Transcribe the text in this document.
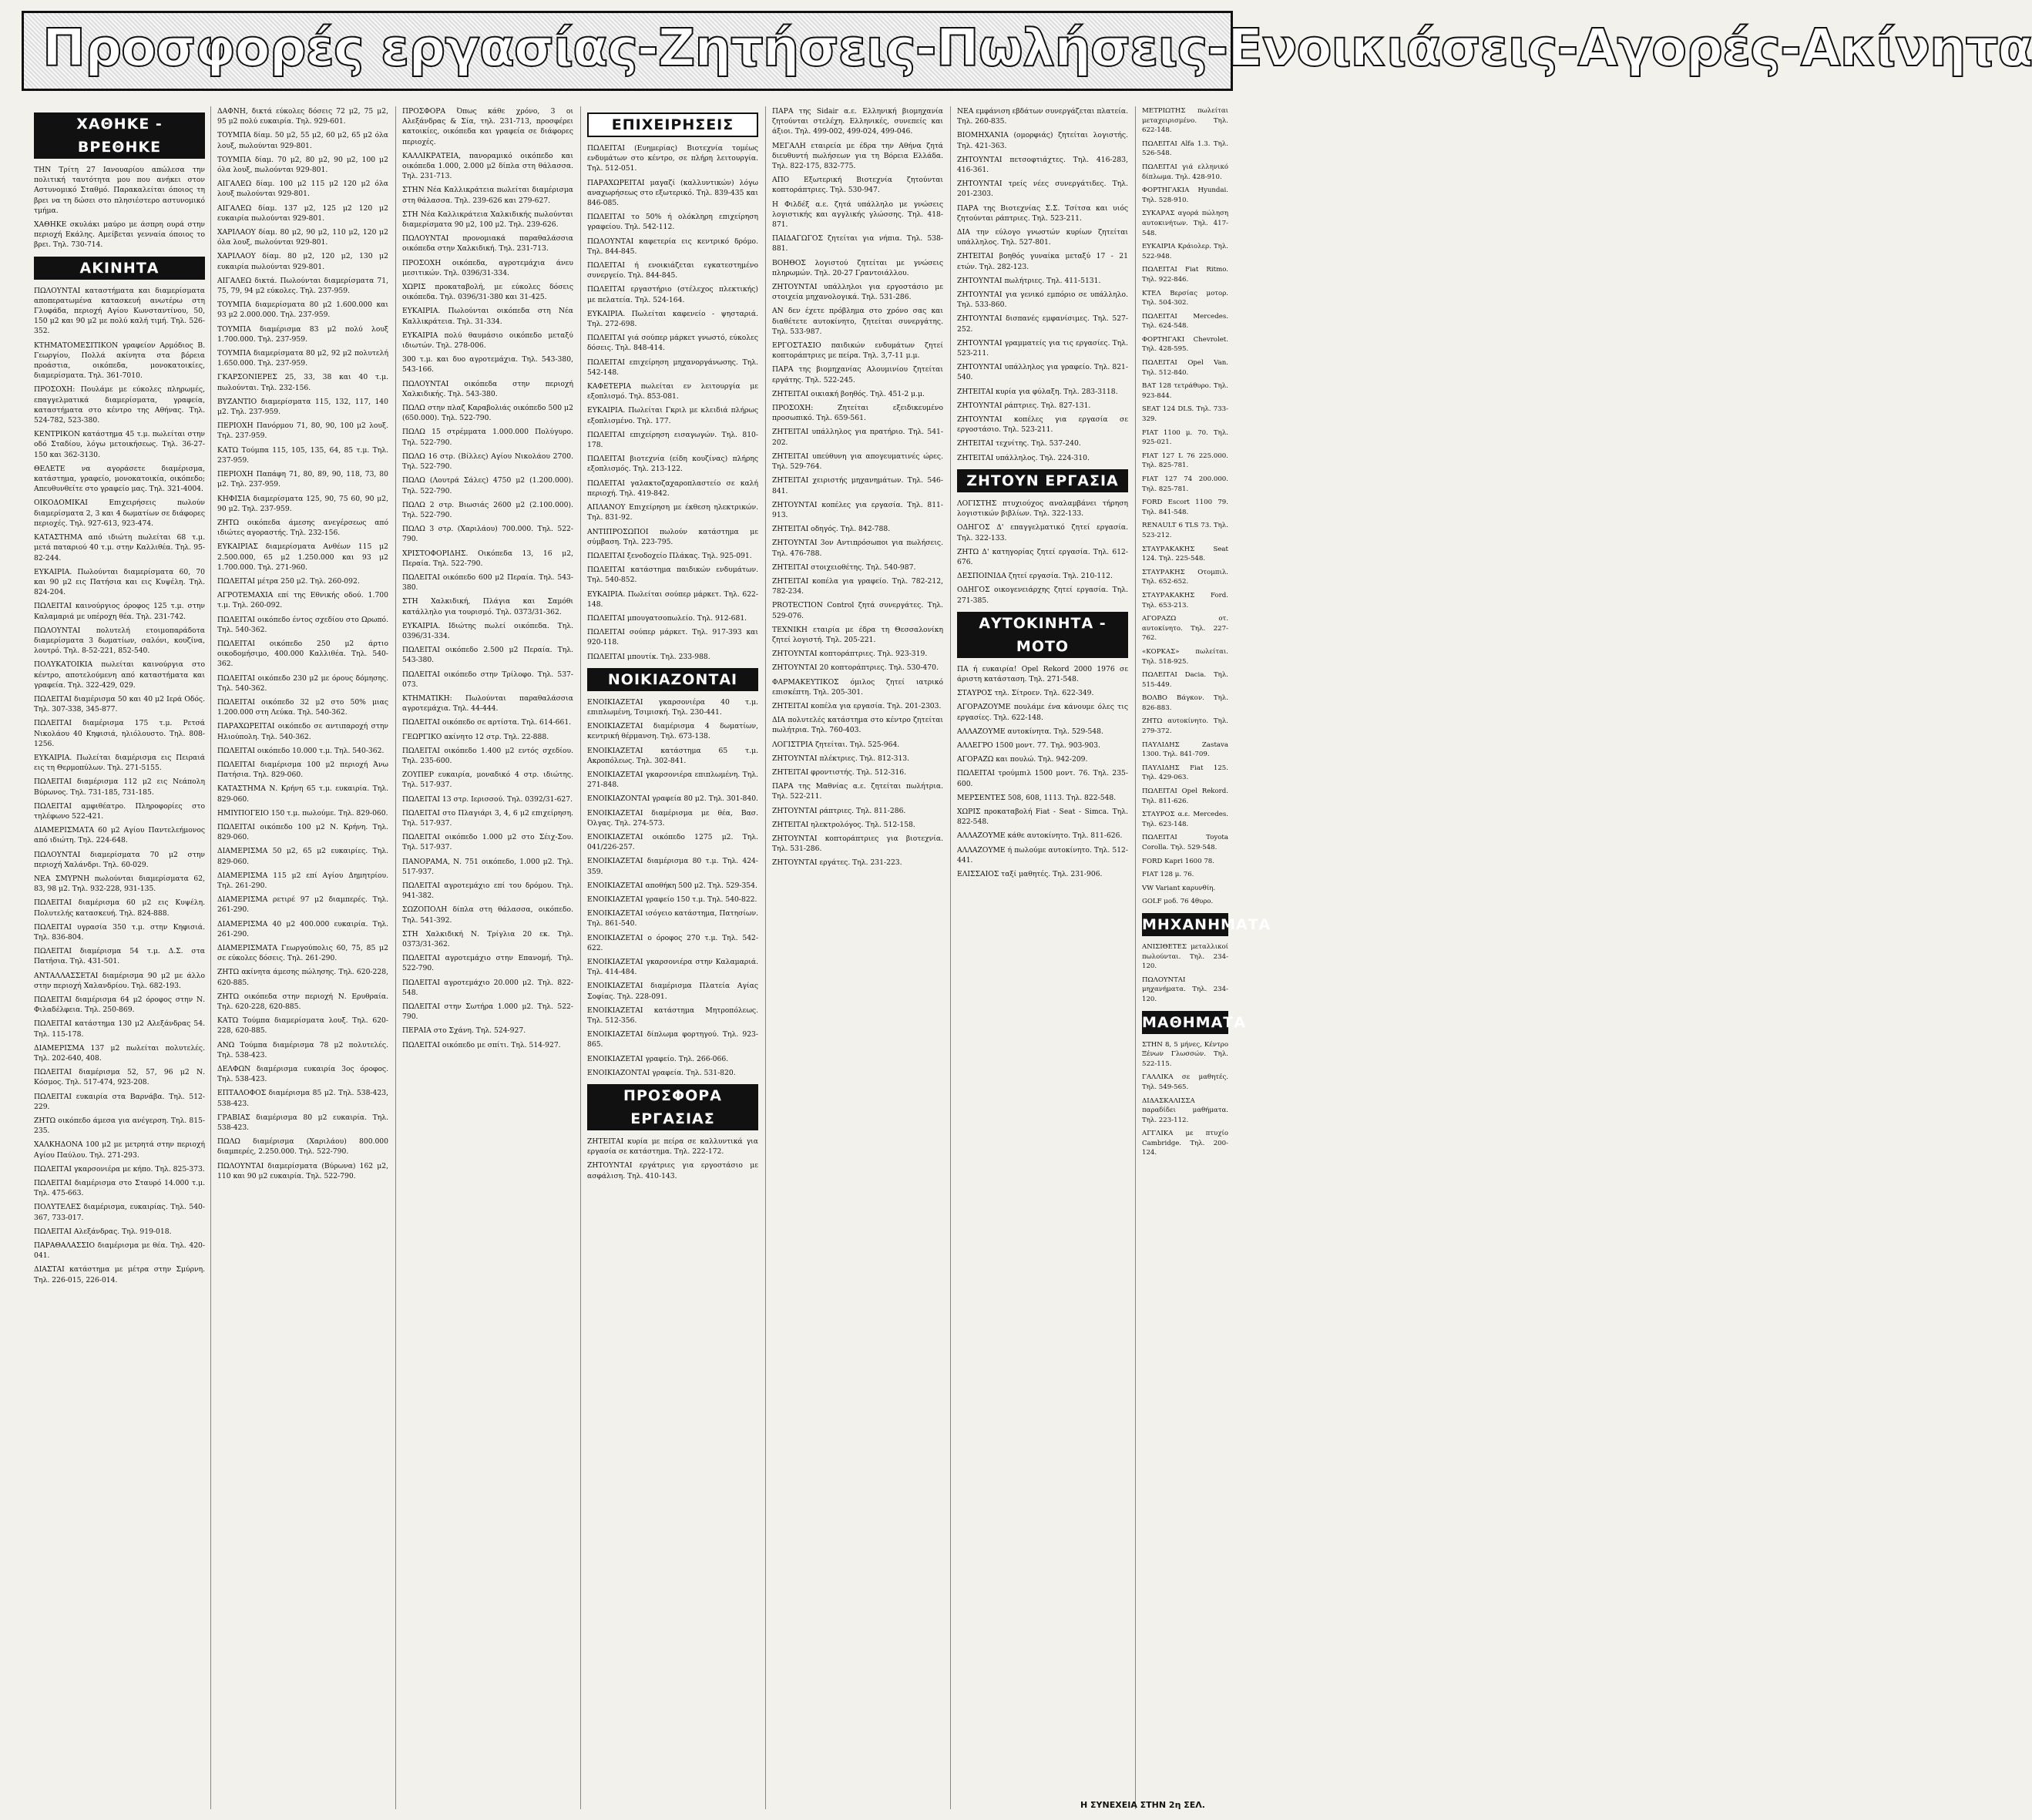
Προσφορές εργασίας-Ζητήσεις-Πωλήσεις-Ενοικιάσεις-Αγορές-Ακίνητα
ΧΑΘΗΚΕ - ΒΡΕΘΗΚΕ
ΤΗΝ Τρίτη 27 Ιανουαρίου απώλεσα την πολιτική ταυτότητα μου που ανήκει στον Αστυνομικό Σταθμό. Παρακαλείται όποιος τη βρει να τη δώσει στο πλησιέστερο αστυνομικό τμήμα.
ΧΑΘΗΚΕ σκυλάκι μαύρο με άσπρη ουρά στην περιοχή Εκάλης. Αμείβεται γενναία όποιος το βρει. Τηλ. 730-714.
ΑΚΙΝΗΤΑ
ΠΩΛΟΥΝΤΑΙ καταστήματα και διαμερίσματα αποπερατωμένα κατασκευή ανωτέρω στη Γλυφάδα, περιοχή Αγίου Κωνσταντίνου, 50, 150 μ2 και 90 μ2 με πολύ καλή τιμή. Τηλ. 526-352.
ΚΤΗΜΑΤΟΜΕΣΙΤΙΚΟΝ γραφείον Αρμόδιος Β. Γεωργίου, Πολλά ακίνητα στα βόρεια προάστια, οικόπεδα, μονοκατοικίες, διαμερίσματα. Τηλ. 361-7010.
ΠΡΟΣΟΧΗ: Πουλάμε με εύκολες πληρωμές, επαγγελματικά διαμερίσματα, γραφεία, καταστήματα στο κέντρο της Αθήνας. Τηλ. 524-782, 523-380.
ΚΕΝΤΡΙΚΟΝ κατάστημα 45 τ.μ. πωλείται στην οδό Σταδίου, λόγω μετοικήσεως. Τηλ. 36-27-150 και 362-3130.
ΘΕΛΕΤΕ να αγοράσετε διαμέρισμα, κατάστημα, γραφείο, μονοκατοικία, οικόπεδο; Απευθυνθείτε στο γραφείο μας. Τηλ. 321-4004.
ΟΙΚΟΔΟΜΙΚΑΙ Επιχειρήσεις πωλούν διαμερίσματα 2, 3 και 4 δωματίων σε διάφορες περιοχές. Τηλ. 927-613, 923-474.
ΚΑΤΑΣΤΗΜΑ από ιδιώτη πωλείται 68 τ.μ. μετά παταριού 40 τ.μ. στην Καλλιθέα. Τηλ. 95-82-244.
ΕΥΚΑΙΡΙΑ. Πωλούνται διαμερίσματα 60, 70 και 90 μ2 εις Πατήσια και εις Κυψέλη. Τηλ. 824-204.
ΠΩΛΕΙΤΑΙ καινούργιος όροφος 125 τ.μ. στην Καλαμαριά με υπέροχη θέα. Τηλ. 231-742.
ΠΩΛΟΥΝΤΑΙ πολυτελή ετοιμοπαράδοτα διαμερίσματα 3 δωματίων, σαλόνι, κουζίνα, λουτρό. Τηλ. 8-52-221, 852-540.
ΠΟΛΥΚΑΤΟΙΚΙΑ πωλείται καινούργια στο κέντρο, αποτελούμενη από καταστήματα και γραφεία. Τηλ. 322-429, 029.
ΠΩΛΕΙΤΑΙ διαμέρισμα 50 και 40 μ2 Ιερά Οδός. Τηλ. 307-338, 345-877.
ΠΩΛΕΙΤΑΙ διαμέρισμα 175 τ.μ. Ρετσά Νικολάου 40 Κηφισιά, ηλιόλουστο. Τηλ. 808-1256.
ΕΥΚΑΙΡΙΑ. Πωλείται διαμέρισμα εις Πειραιά εις τη Θερμοπύλων. Τηλ. 271-5155.
ΠΩΛΕΙΤΑΙ διαμέρισμα 112 μ2 εις Νεάπολη Βύρωνος. Τηλ. 731-185, 731-185.
ΠΩΛΕΙΤΑΙ αμφιθέατρο. Πληροφορίες στο τηλέφωνο 522-421.
ΔΙΑΜΕΡΙΣΜΑΤΑ 60 μ2 Αγίου Παντελεήμονος από ιδιώτη. Τηλ. 224-648.
ΠΩΛΟΥΝΤΑΙ διαμερίσματα 70 μ2 στην περιοχή Χαλάνδρι. Τηλ. 60-029.
ΝΕΑ ΣΜΥΡΝΗ πωλούνται διαμερίσματα 62, 83, 98 μ2. Τηλ. 932-228, 931-135.
ΠΩΛΕΙΤΑΙ διαμέρισμα 60 μ2 εις Κυψέλη. Πολυτελής κατασκευή. Τηλ. 824-888.
ΠΩΛΕΙΤΑΙ υγρασία 350 τ.μ. στην Κηφισιά. Τηλ. 836-804.
ΠΩΛΕΙΤΑΙ διαμέρισμα 54 τ.μ. Δ.Σ. στα Πατήσια. Τηλ. 431-501.
ΑΝΤΑΛΛΑΣΣΕΤΑΙ διαμέρισμα 90 μ2 με άλλο στην περιοχή Χαλανδρίου. Τηλ. 682-193.
ΠΩΛΕΙΤΑΙ διαμέρισμα 64 μ2 όροφος στην Ν. Φιλαδέλφεια. Τηλ. 250-869.
ΠΩΛΕΙΤΑΙ κατάστημα 130 μ2 Αλεξάνδρας 54. Τηλ. 115-178.
ΔΙΑΜΕΡΙΣΜΑ 137 μ2 πωλείται πολυτελές. Τηλ. 202-640, 408.
ΠΩΛΕΙΤΑΙ διαμέρισμα 52, 57, 96 μ2 Ν. Κόσμος. Τηλ. 517-474, 923-208.
ΠΩΛΕΙΤΑΙ ευκαιρία στα Βαρνάβα. Τηλ. 512-229.
ΖΗΤΩ οικόπεδο άμεσα για ανέγερση. Τηλ. 815-235.
ΧΑΛΚΗΔΟΝΑ 100 μ2 με μετρητά στην περιοχή Αγίου Παύλου. Τηλ. 271-293.
ΠΩΛΕΙΤΑΙ γκαρσονιέρα με κήπο. Τηλ. 825-373.
ΠΩΛΕΙΤΑΙ διαμέρισμα στο Σταυρό 14.000 τ.μ. Τηλ. 475-663.
ΠΟΛΥΤΕΛΕΣ διαμέρισμα, ευκαιρίας. Τηλ. 540-367, 733-017.
ΠΩΛΕΙΤΑΙ Αλεξάνδρας. Τηλ. 919-018.
ΠΑΡΑΘΑΛΑΣΣΙΟ διαμέρισμα με θέα. Τηλ. 420-041.
ΔΙΑΣΤΑΙ κατάστημα με μέτρα στην Σμύρνη. Τηλ. 226-015, 226-014.
ΔΑΦΝΗ, δικτά εύκολες δόσεις 72 μ2, 75 μ2, 95 μ2 πολύ ευκαιρία. Τηλ. 929-601.
ΤΟΥΜΠΑ δίαμ. 50 μ2, 55 μ2, 60 μ2, 65 μ2 όλα λουξ, πωλούνται 929-801.
ΤΟΥΜΠΑ δίαμ. 70 μ2, 80 μ2, 90 μ2, 100 μ2 όλα λουξ, πωλούνται 929-801.
ΑΙΓΑΛΕΩ δίαμ. 100 μ2 115 μ2 120 μ2 όλα λουξ πωλούνται 929-801.
ΑΙΓΑΛΕΩ δίαμ. 137 μ2, 125 μ2 120 μ2 ευκαιρία πωλούνται 929-801.
ΧΑΡΙΛΑΟΥ δίαμ. 80 μ2, 90 μ2, 110 μ2, 120 μ2 όλα λουξ, πωλούνται 929-801.
ΧΑΡΙΛΑΟΥ δίαμ. 80 μ2, 120 μ2, 130 μ2 ευκαιρία πωλούνται 929-801.
ΑΙΓΑΛΕΩ δικτά. Πωλούνται διαμερίσματα 71, 75, 79, 94 μ2 εύκολες. Τηλ. 237-959.
ΤΟΥΜΠΑ διαμερίσματα 80 μ2 1.600.000 και 93 μ2 2.000.000. Τηλ. 237-959.
ΤΟΥΜΠΑ διαμέρισμα 83 μ2 πολύ λουξ 1.700.000. Τηλ. 237-959.
ΤΟΥΜΠΑ διαμερίσματα 80 μ2, 92 μ2 πολυτελή 1.650.000. Τηλ. 237-959.
ΓΚΑΡΣΟΝΙΕΡΕΣ 25, 33, 38 και 40 τ.μ. πωλούνται. Τηλ. 232-156.
ΒΥΖΑΝΤΙΟ διαμερίσματα 115, 132, 117, 140 μ2. Τηλ. 237-959.
ΠΕΡΙΟΧΗ Πανόρμου 71, 80, 90, 100 μ2 λουξ. Τηλ. 237-959.
ΚΑΤΩ Τούμπα 115, 105, 135, 64, 85 τ.μ. Τηλ. 237-959.
ΠΕΡΙΟΧΗ Παπάφη 71, 80, 89, 90, 118, 73, 80 μ2. Τηλ. 237-959.
ΚΗΦΙΣΙΑ διαμερίσματα 125, 90, 75 60, 90 μ2, 90 μ2. Τηλ. 237-959.
ΖΗΤΩ οικόπεδα άμεσης ανεγέρσεως από ιδιώτες αγοραστής. Τηλ. 232-156.
ΕΥΚΑΙΡΙΑΣ διαμερίσματα Ανθέων 115 μ2 2.500.000, 65 μ2 1.250.000 και 93 μ2 1.700.000. Τηλ. 271-960.
ΠΩΛΕΙΤΑΙ μέτρα 250 μ2. Τηλ. 260-092.
ΑΓΡΟΤΕΜΑΧΙΑ επί της Εθνικής οδού. 1.700 τ.μ. Τηλ. 260-092.
ΠΩΛΕΙΤΑΙ οικόπεδο έντος σχεδίου στο Ωρωπό. Τηλ. 540-362.
ΠΩΛΕΙΤΑΙ οικόπεδο 250 μ2 άρτιο οικοδομήσιμο, 400.000 Καλλιθέα. Τηλ. 540-362.
ΠΩΛΕΙΤΑΙ οικόπεδο 230 μ2 με όρους δόμησης. Τηλ. 540-362.
ΠΩΛΕΙΤΑΙ οικόπεδο 32 μ2 στο 50% μιας 1.200.000 στη Λεύκα. Τηλ. 540-362.
ΠΑΡΑΧΩΡΕΙΤΑΙ οικόπεδο σε αντιπαροχή στην Ηλιούπολη. Τηλ. 540-362.
ΠΩΛΕΙΤΑΙ οικόπεδο 10.000 τ.μ. Τηλ. 540-362.
ΠΩΛΕΙΤΑΙ διαμέρισμα 100 μ2 περιοχή Άνω Πατήσια. Τηλ. 829-060.
ΚΑΤΑΣΤΗΜΑ Ν. Κρήνη 65 τ.μ. ευκαιρία. Τηλ. 829-060.
ΗΜΙΥΠΟΓΕΙΟ 150 τ.μ. πωλούμε. Τηλ. 829-060.
ΠΩΛΕΙΤΑΙ οικόπεδο 100 μ2 Ν. Κρήνη. Τηλ. 829-060.
ΔΙΑΜΕΡΙΣΜΑ 50 μ2, 65 μ2 ευκαιρίες. Τηλ. 829-060.
ΔΙΑΜΕΡΙΣΜΑ 115 μ2 επί Αγίου Δημητρίου. Τηλ. 261-290.
ΔΙΑΜΕΡΙΣΜΑ ρετιρέ 97 μ2 διαμπερές. Τηλ. 261-290.
ΔΙΑΜΕΡΙΣΜΑ 40 μ2 400.000 ευκαιρία. Τηλ. 261-290.
ΔΙΑΜΕΡΙΣΜΑΤΑ Γεωργούπολις 60, 75, 85 μ2 σε εύκολες δόσεις. Τηλ. 261-290.
ΖΗΤΩ ακίνητα άμεσης πώλησης. Τηλ. 620-228, 620-885.
ΖΗΤΩ οικόπεδα στην περιοχή Ν. Ερυθραία. Τηλ. 620-228, 620-885.
ΚΑΤΩ Τούμπα διαμερίσματα λουξ. Τηλ. 620-228, 620-885.
ΑΝΩ Τούμπα διαμέρισμα 78 μ2 πολυτελές. Τηλ. 538-423.
ΔΕΛΦΩΝ διαμέρισμα ευκαιρία 3ος όροφος. Τηλ. 538-423.
ΕΠΤΑΛΟΦΟΣ διαμέρισμα 85 μ2. Τηλ. 538-423, 538-423.
ΓΡΑΒΙΑΣ διαμέρισμα 80 μ2 ευκαιρία. Τηλ. 538-423.
ΠΩΛΩ διαμέρισμα (Χαριλάου) 800.000 διαμπερές, 2.250.000. Τηλ. 522-790.
ΠΩΛΟΥΝΤΑΙ διαμερίσματα (Βύρωνα) 162 μ2, 110 και 90 μ2 ευκαιρία. Τηλ. 522-790.
ΠΡΟΣΦΟΡΑ Όπως κάθε χρόνο, 3 οι Αλεξάνδρας & Σία, τηλ. 231-713, προσφέρει κατοικίες, οικόπεδα και γραφεία σε διάφορες περιοχές.
ΚΑΛΛΙΚΡΑΤΕΙΑ, πανοραμικό οικόπεδο και οικόπεδα 1.000, 2.000 μ2 δίπλα στη θάλασσα. Τηλ. 231-713.
ΣΤΗΝ Νέα Καλλικράτεια πωλείται διαμέρισμα στη θάλασσα. Τηλ. 239-626 και 279-627.
ΣΤΗ Νέα Καλλικράτεια Χαλκιδικής πωλούνται διαμερίσματα 90 μ2, 100 μ2. Τηλ. 239-626.
ΠΩΛΟΥΝΤΑΙ προνομιακά παραθαλάσσια οικόπεδα στην Χαλκιδική. Τηλ. 231-713.
ΠΡΟΣΟΧΗ οικόπεδα, αγροτεμάχια άνευ μεσιτικών. Τηλ. 0396/31-334.
ΧΩΡΙΣ προκαταβολή, με εύκολες δόσεις οικόπεδα. Τηλ. 0396/31-380 και 31-425.
ΕΥΚΑΙΡΙΑ. Πωλούνται οικόπεδα στη Νέα Καλλικράτεια. Τηλ. 31-334.
ΕΥΚΑΙΡΙΑ πολύ θαυμάσιο οικόπεδο μεταξύ ιδιωτών. Τηλ. 278-006.
300 τ.μ. και δυο αγροτεμάχια. Τηλ. 543-380, 543-166.
ΠΩΛΟΥΝΤΑΙ οικόπεδα στην περιοχή Χαλκιδικής. Τηλ. 543-380.
ΠΩΛΩ στην πλαζ Καραβολιάς οικόπεδο 500 μ2 (650.000). Τηλ. 522-790.
ΠΩΛΩ 15 στρέμματα 1.000.000 Πολύγυρο. Τηλ. 522-790.
ΠΩΛΩ 16 στρ. (Βίλλες) Αγίου Νικολάου 2700. Τηλ. 522-790.
ΠΩΛΩ (Λουτρά Σάλες) 4750 μ2 (1.200.000). Τηλ. 522-790.
ΠΩΛΩ 2 στρ. Βιωσιάς 2600 μ2 (2.100.000). Τηλ. 522-790.
ΠΩΛΩ 3 στρ. (Χαριλάου) 700.000. Τηλ. 522-790.
ΧΡΙΣΤΟΦΟΡΙΔΗΣ. Οικόπεδα 13, 16 μ2, Περαία. Τηλ. 522-790.
ΠΩΛΕΙΤΑΙ οικόπεδο 600 μ2 Περαία. Τηλ. 543-380.
ΣΤΗ Χαλκιδική, Πλάγια και Σαμόθι κατάλληλο για τουρισμό. Τηλ. 0373/31-362.
ΕΥΚΑΙΡΙΑ. Ιδιώτης πωλεί οικόπεδα. Τηλ. 0396/31-334.
ΠΩΛΕΙΤΑΙ οικόπεδο 2.500 μ2 Περαία. Τηλ. 543-380.
ΠΩΛΕΙΤΑΙ οικόπεδο στην Τρίλοφο. Τηλ. 537-073.
ΚΤΗΜΑΤΙΚΗ: Πωλούνται παραθαλάσσια αγροτεμάχια. Τηλ. 44-444.
ΠΩΛΕΙΤΑΙ οικόπεδο σε αρτίστα. Τηλ. 614-661.
ΓΕΩΡΓΙΚΟ ακίνητο 12 στρ. Τηλ. 22-888.
ΠΩΛΕΙΤΑΙ οικόπεδο 1.400 μ2 εντός σχεδίου. Τηλ. 235-600.
ΖΟΥΠΕΡ ευκαιρία, μοναδικό 4 στρ. ιδιώτης. Τηλ. 517-937.
ΠΩΛΕΙΤΑΙ 13 στρ. Ιερισσού. Τηλ. 0392/31-627.
ΠΩΛΕΙΤΑΙ στο Πλαγιάρι 3, 4, 6 μ2 επιχείρηση. Τηλ. 517-937.
ΠΩΛΕΙΤΑΙ οικόπεδο 1.000 μ2 στο Σέιχ-Σου. Τηλ. 517-937.
ΠΑΝΟΡΑΜΑ, Ν. 751 οικόπεδο, 1.000 μ2. Τηλ. 517-937.
ΠΩΛΕΙΤΑΙ αγροτεμάχιο επί του δρόμου. Τηλ. 941-382.
ΣΩΖΟΠΟΛΗ δίπλα στη θάλασσα, οικόπεδο. Τηλ. 541-392.
ΣΤΗ Χαλκιδική Ν. Τρίγλια 20 εκ. Τηλ. 0373/31-362.
ΠΩΛΕΙΤΑΙ αγροτεμάχιο στην Επανομή. Τηλ. 522-790.
ΠΩΛΕΙΤΑΙ αγροτεμάχιο 20.000 μ2. Τηλ. 822-548.
ΠΩΛΕΙΤΑΙ στην Σωτήρα 1.000 μ2. Τηλ. 522-790.
ΠΕΡΑΙΑ στο Σχάνη. Τηλ. 524-927.
ΠΩΛΕΙΤΑΙ οικόπεδο με σπίτι. Τηλ. 514-927.
ΕΠΙΧΕΙΡΗΣΕΙΣ
ΠΩΛΕΙΤΑΙ (Ευημερίας) Βιοτεχνία τομέως ενδυμάτων στο κέντρο, σε πλήρη λειτουργία. Τηλ. 512-051.
ΠΑΡΑΧΩΡΕΙΤΑΙ μαγαζί (καλλυντικών) λόγω αναχωρήσεως στο εξωτερικό. Τηλ. 839-435 και 846-085.
ΠΩΛΕΙΤΑΙ το 50% ή ολόκληρη επιχείρηση γραφείου. Τηλ. 542-112.
ΠΩΛΟΥΝΤΑΙ καφετερία εις κεντρικό δρόμο. Τηλ. 844-845.
ΠΩΛΕΙΤΑΙ ή ενοικιάζεται εγκατεστημένο συνεργείο. Τηλ. 844-845.
ΠΩΛΕΙΤΑΙ εργαστήριο (στέλεχος πλεκτικής) με πελατεία. Τηλ. 524-164.
ΕΥΚΑΙΡΙΑ. Πωλείται καφενείο - ψησταριά. Τηλ. 272-698.
ΠΩΛΕΙΤΑΙ γιά σούπερ μάρκετ γνωστό, εύκολες δόσεις. Τηλ. 848-414.
ΠΩΛΕΙΤΑΙ επιχείρηση μηχανοργάνωσης. Τηλ. 542-148.
ΚΑΦΕΤΕΡΙΑ πωλείται εν λειτουργία με εξοπλισμό. Τηλ. 853-081.
ΕΥΚΑΙΡΙΑ. Πωλείται Γκριλ με κλειδιά πλήρως εξοπλισμένο. Τηλ. 177.
ΠΩΛΕΙΤΑΙ επιχείρηση εισαγωγών. Τηλ. 810-178.
ΠΩΛΕΙΤΑΙ βιοτεχνία (είδη κουζίνας) πλήρης εξοπλισμός. Τηλ. 213-122.
ΠΩΛΕΙΤΑΙ γαλακτοζαχαροπλαστείο σε καλή περιοχή. Τηλ. 419-842.
ΑΠΛΑΝΟΥ Επιχείρηση με έκθεση ηλεκτρικών. Τηλ. 831-92.
ΑΝΤΙΠΡΟΣΩΠΟΙ πωλούν κατάστημα με σύμβαση. Τηλ. 223-795.
ΠΩΛΕΙΤΑΙ ξενοδοχείο Πλάκας. Τηλ. 925-091.
ΠΩΛΕΙΤΑΙ κατάστημα παιδικών ενδυμάτων. Τηλ. 540-852.
ΕΥΚΑΙΡΙΑ. Πωλείται σούπερ μάρκετ. Τηλ. 622-148.
ΠΩΛΕΙΤΑΙ μπουγατσοπωλείο. Τηλ. 912-681.
ΠΩΛΕΙΤΑΙ σούπερ μάρκετ. Τηλ. 917-393 και 920-118.
ΠΩΛΕΙΤΑΙ μπουτίκ. Τηλ. 233-988.
ΝΟΙΚΙΑΖΟΝΤΑΙ
ΕΝΟΙΚΙΑΖΕΤΑΙ γκαρσονιέρα 40 τ.μ. επιπλωμένη, Τσιμισκή. Τηλ. 230-441.
ΕΝΟΙΚΙΑΖΕΤΑΙ διαμέρισμα 4 δωματίων, κεντρική θέρμανση. Τηλ. 673-138.
ΕΝΟΙΚΙΑΖΕΤΑΙ κατάστημα 65 τ.μ. Ακροπόλεως. Τηλ. 302-841.
ΕΝΟΙΚΙΑΖΕΤΑΙ γκαρσονιέρα επιπλωμένη. Τηλ. 271-848.
ΕΝΟΙΚΙΑΖΟΝΤΑΙ γραφεία 80 μ2. Τηλ. 301-840.
ΕΝΟΙΚΙΑΖΕΤΑΙ διαμέρισμα με θέα, Βασ. Όλγας. Τηλ. 274-573.
ΕΝΟΙΚΙΑΖΕΤΑΙ οικόπεδο 1275 μ2. Τηλ. 041/226-257.
ΕΝΟΙΚΙΑΖΕΤΑΙ διαμέρισμα 80 τ.μ. Τηλ. 424-359.
ΕΝΟΙΚΙΑΖΕΤΑΙ αποθήκη 500 μ2. Τηλ. 529-354.
ΕΝΟΙΚΙΑΖΕΤΑΙ γραφείο 150 τ.μ. Τηλ. 540-822.
ΕΝΟΙΚΙΑΖΕΤΑΙ ισόγειο κατάστημα, Πατησίων. Τηλ. 861-540.
ΕΝΟΙΚΙΑΖΕΤΑΙ ο όροφος 270 τ.μ. Τηλ. 542-622.
ΕΝΟΙΚΙΑΖΕΤΑΙ γκαρσονιέρα στην Καλαμαριά. Τηλ. 414-484.
ΕΝΟΙΚΙΑΖΕΤΑΙ διαμέρισμα Πλατεία Αγίας Σοφίας. Τηλ. 228-091.
ΕΝΟΙΚΙΑΖΕΤΑΙ κατάστημα Μητροπόλεως. Τηλ. 512-356.
ΕΝΟΙΚΙΑΖΕΤΑΙ δίπλωμα φορτηγού. Τηλ. 923-865.
ΕΝΟΙΚΙΑΖΕΤΑΙ γραφείο. Τηλ. 266-066.
ΕΝΟΙΚΙΑΖΟΝΤΑΙ γραφεία. Τηλ. 531-820.
ΠΡΟΣΦΟΡΑ ΕΡΓΑΣΙΑΣ
ΖΗΤΕΙΤΑΙ κυρία με πείρα σε καλλυντικά για εργασία σε κατάστημα. Τηλ. 222-172.
ΖΗΤΟΥΝΤΑΙ εργάτριες για εργοστάσιο με ασφάλιση. Τηλ. 410-143.
ΠΑΡΑ της Sidair α.ε. Ελληνική βιομηχανία ζητούνται στελέχη. Ελληνικές, συνεπείς και άξιοι. Τηλ. 499-002, 499-024, 499-046.
ΜΕΓΑΛΗ εταιρεία με έδρα την Αθήνα ζητά διευθυντή πωλήσεων για τη Βόρεια Ελλάδα. Τηλ. 822-175, 832-775.
ΑΠΟ Εξωτερική Βιοτεχνία ζητούνται κοπτοράπτριες. Τηλ. 530-947.
Η Φιλδέξ α.ε. ζητά υπάλληλο με γνώσεις λογιστικής και αγγλικής γλώσσης. Τηλ. 418-871.
ΠΑΙΔΑΓΩΓΟΣ ζητείται για νήπια. Τηλ. 538-881.
ΒΟΗΘΟΣ λογιστού ζητείται με γνώσεις πληρωμών. Τηλ. 20-27 Γραντοιάλλου.
ΖΗΤΟΥΝΤΑΙ υπάλληλοι για εργοστάσιο με στοιχεία μηχανολογικά. Τηλ. 531-286.
ΑΝ δεν έχετε πρόβλημα στο χρόνο σας και διαθέτετε αυτοκίνητο, ζητείται συνεργάτης. Τηλ. 533-987.
ΕΡΓΟΣΤΑΣΙΟ παιδικών ενδυμάτων ζητεί κοπτοράπτριες με πείρα. Τηλ. 3,7-11 μ.μ.
ΠΑΡΑ της βιομηχανίας Αλουμινίου ζητείται εργάτης. Τηλ. 522-245.
ΖΗΤΕΙΤΑΙ οικιακή βοηθός. Τηλ. 451-2 μ.μ.
ΠΡΟΣΟΧΗ: Ζητείται εξειδικευμένο προσωπικό. Τηλ. 659-561.
ΖΗΤΕΙΤΑΙ υπάλληλος για πρατήριο. Τηλ. 541-202.
ΖΗΤΕΙΤΑΙ υπεύθυνη για απογευματινές ώρες. Τηλ. 529-764.
ΖΗΤΕΙΤΑΙ χειριστής μηχανημάτων. Τηλ. 546-841.
ΖΗΤΟΥΝΤΑΙ κοπέλες για εργασία. Τηλ. 811-913.
ΖΗΤΕΙΤΑΙ οδηγός. Τηλ. 842-788.
ΖΗΤΟΥΝΤΑΙ 3ον Αντιπρόσωποι για πωλήσεις. Τηλ. 476-788.
ΖΗΤΕΙΤΑΙ στοιχειοθέτης. Τηλ. 540-987.
ΖΗΤΕΙΤΑΙ κοπέλα για γραφείο. Τηλ. 782-212, 782-234.
PROTECTION Control ζητά συνεργάτες. Τηλ. 529-076.
ΤΕΧΝΙΚΗ εταιρία με έδρα τη Θεσσαλονίκη ζητεί λογιστή. Τηλ. 205-221.
ΖΗΤΟΥΝΤΑΙ κοπτοράπτριες. Τηλ. 923-319.
ΖΗΤΟΥΝΤΑΙ 20 κοπτοράπτριες. Τηλ. 530-470.
ΦΑΡΜΑΚΕΥΤΙΚΟΣ όμιλος ζητεί ιατρικό επισκέπτη. Τηλ. 205-301.
ΖΗΤΕΙΤΑΙ κοπέλα για εργασία. Τηλ. 201-2303.
ΔΙΑ πολυτελές κατάστημα στο κέντρο ζητείται πωλήτρια. Τηλ. 760-403.
ΛΟΓΙΣΤΡΙΑ ζητείται. Τηλ. 525-964.
ΖΗΤΟΥΝΤΑΙ πλέκτριες. Τηλ. 812-313.
ΖΗΤΕΙΤΑΙ φροντιστής. Τηλ. 512-316.
ΠΑΡΑ της Μαθνίας α.ε. ζητείται πωλήτρια. Τηλ. 522-211.
ΖΗΤΟΥΝΤΑΙ ράπτριες. Τηλ. 811-286.
ΖΗΤΕΙΤΑΙ ηλεκτρολόγος. Τηλ. 512-158.
ΖΗΤΟΥΝΤΑΙ κοπτοράπτριες για βιοτεχνία. Τηλ. 531-286.
ΖΗΤΟΥΝΤΑΙ εργάτες. Τηλ. 231-223.
ΝΕΑ εμφάνιση εβδάτων συνεργάζεται πλατεία. Τηλ. 260-835.
ΒΙΟΜΗΧΑΝΙΑ (ομορφιάς) ζητείται λογιστής. Τηλ. 421-363.
ΖΗΤΟΥΝΤΑΙ πετσοφτιάχτες. Τηλ. 416-283, 416-361.
ΖΗΤΟΥΝΤΑΙ τρείς νέες συνεργάτιδες. Τηλ. 201-2303.
ΠΑΡΑ της Βιοτεχνίας Σ.Σ. Τσίτσα και υιός ζητούνται ράπτριες. Τηλ. 523-211.
ΔΙΑ την εύλογο γνωστών κυρίων ζητείται υπάλληλος. Τηλ. 527-801.
ΖΗΤΕΙΤΑΙ βοηθός γυναίκα μεταξύ 17 - 21 ετών. Τηλ. 282-123.
ΖΗΤΟΥΝΤΑΙ πωλήτριες. Τηλ. 411-5131.
ΖΗΤΟΥΝΤΑΙ για γενικό εμπόριο σε υπάλληλο. Τηλ. 533-860.
ΖΗΤΟΥΝΤΑΙ δισπανές εμφανίσιμες. Τηλ. 527-252.
ΖΗΤΟΥΝΤΑΙ γραμματείς για τις εργασίες. Τηλ. 523-211.
ΖΗΤΟΥΝΤΑΙ υπάλληλος για γραφείο. Τηλ. 821-540.
ΖΗΤΕΙΤΑΙ κυρία για φύλαξη. Τηλ. 283-3118.
ΖΗΤΟΥΝΤΑΙ ράπτριες. Τηλ. 827-131.
ΖΗΤΟΥΝΤΑΙ κοπέλες για εργασία σε εργοστάσιο. Τηλ. 523-211.
ΖΗΤΕΙΤΑΙ τεχνίτης. Τηλ. 537-240.
ΖΗΤΕΙΤΑΙ υπάλληλος. Τηλ. 224-310.
ΖΗΤΟΥΝ ΕΡΓΑΣΙΑ
ΛΟΓΙΣΤΗΣ πτυχιούχος αναλαμβάνει τήρηση λογιστικών βιβλίων. Τηλ. 322-133.
ΟΔΗΓΟΣ Δ' επαγγελματικό ζητεί εργασία. Τηλ. 322-133.
ΖΗΤΩ Δ' κατηγορίας ζητεί εργασία. Τηλ. 612-676.
ΔΕΣΠΟΙΝΙΔΑ ζητεί εργασία. Τηλ. 210-112.
ΟΔΗΓΟΣ οικογενειάρχης ζητεί εργασία. Τηλ. 271-385.
ΑΥΤΟΚΙΝΗΤΑ - ΜΟΤΟ
ΠΑ ή ευκαιρία! Opel Rekord 2000 1976 σε άριστη κατάσταση. Τηλ. 271-548.
ΣΤΑΥΡΟΣ τηλ. Σίτροεν. Τηλ. 622-349.
ΑΓΟΡΑΖΟΥΜΕ πουλάμε ένα κάνουμε όλες τις εργασίες. Τηλ. 622-148.
ΑΛΛΑΖΟΥΜΕ αυτοκίνητα. Τηλ. 529-548.
ΑΛΛΕΓΡΟ 1500 μοντ. 77. Τηλ. 903-903.
ΑΓΟΡΑΖΩ και πουλώ. Τηλ. 942-209.
ΠΩΛΕΙΤΑΙ τρούμπιλ 1500 μοντ. 76. Τηλ. 235-600.
ΜΕΡΣΕΝΤΕΣ 508, 608, 1113. Τηλ. 822-548.
ΧΩΡΙΣ προκαταβολή Fiat - Seat - Simca. Τηλ. 822-548.
ΑΛΛΑΖΟΥΜΕ κάθε αυτοκίνητο. Τηλ. 811-626.
ΑΛΛΑΖΟΥΜΕ ή πωλούμε αυτοκίνητο. Τηλ. 512-441.
ΕΛΙΣΣΑΙΟΣ ταξί μαθητές. Τηλ. 231-906.
ΜΕΤΡΙΩΤΗΣ πωλείται μεταχειρισμένο. Τηλ. 622-148.
ΠΩΛΕΙΤΑΙ Alfa 1.3. Τηλ. 526-548.
ΠΩΛΕΙΤΑΙ γιά ελληνικό δίπλωμα. Τηλ. 428-910.
ΦΟΡΤΗΓΑΚΙΑ Hyundai. Τηλ. 528-910.
ΣΥΚΑΡΑΣ αγορά πώληση αυτοκινήτων. Τηλ. 417-548.
ΕΥΚΑΙΡΙΑ Κράιολερ. Τηλ. 522-948.
ΠΩΛΕΙΤΑΙ Fiat Ritmo. Τηλ. 922-846.
ΚΤΕΛ Βερσίας μοτορ. Τηλ. 504-302.
ΠΩΛΕΙΤΑΙ Mercedes. Τηλ. 624-548.
ΦΟΡΤΗΓΑΚΙ Chevrolet. Τηλ. 428-595.
ΠΩΛΕΙΤΑΙ Opel Van. Τηλ. 512-840.
ΒΑΤ 128 τετράθυρο. Τηλ. 923-844.
SEAT 124 DLS. Τηλ. 733-329.
FIAT 1100 μ. 70. Τηλ. 925-021.
FIAT 127 L 76 225.000. Τηλ. 825-781.
FIAT 127 74 200.000. Τηλ. 825-781.
FORD Escort 1100 79. Τηλ. 841-548.
RENAULT 6 TLS 73. Τηλ. 523-212.
ΣΤΑΥΡΑΚΑΚΗΣ Seat 124. Τηλ. 225-548.
ΣΤΑΥΡΑΚΗΣ Οτομπιλ. Τηλ. 652-652.
ΣΤΑΥΡΑΚΑΚΗΣ Ford. Τηλ. 653-213.
ΑΓΟΡΑΖΩ οτ. αυτοκίνητο. Τηλ. 227-762.
«ΚΟΡΚΑΣ» πωλείται. Τηλ. 518-925.
ΠΩΛΕΙΤΑΙ Dacia. Τηλ. 515-449.
ΒΟΛΒΟ Βάγκον. Τηλ. 826-883.
ΖΗΤΩ αυτοκίνητο. Τηλ. 279-372.
ΠΑΥΛΙΔΗΣ Zastava 1300. Τηλ. 841-709.
ΠΑΥΛΙΔΗΣ Fiat 125. Τηλ. 429-063.
ΠΩΛΕΙΤΑΙ Opel Rekord. Τηλ. 811-626.
ΣΤΑΥΡΟΣ α.ε. Mercedes. Τηλ. 623-148.
ΠΩΛΕΙΤΑΙ Toyota Corolla. Τηλ. 529-548.
FORD Kapri 1600 78.
FIAT 128 μ. 76.
VW Variant καρυνθίη.
GOLF μοδ. 76 4θυρο.
ΜΗΧΑΝΗΜΑΤΑ
ΑΝΙΣΙΘΕΤΕΣ μεταλλικοί πωλούνται. Τηλ. 234-120.
ΠΩΛΟΥΝΤΑΙ μηχανήματα. Τηλ. 234-120.
ΜΑΘΗΜΑΤΑ
ΣΤΗΝ 8, 5 μήνες, Κέντρο Ξένων Γλωσσών. Τηλ. 522-115.
ΓΑΛΛΙΚΑ σε μαθητές. Τηλ. 549-565.
ΔΙΔΑΣΚΑΛΙΣΣΑ παραδίδει μαθήματα. Τηλ. 223-112.
ΑΓΓΛΙΚΑ με πτυχίο Cambridge. Τηλ. 200-124.
Η ΣΥΝΕΧΕΙΑ ΣΤΗΝ 2η ΣΕΛ.
